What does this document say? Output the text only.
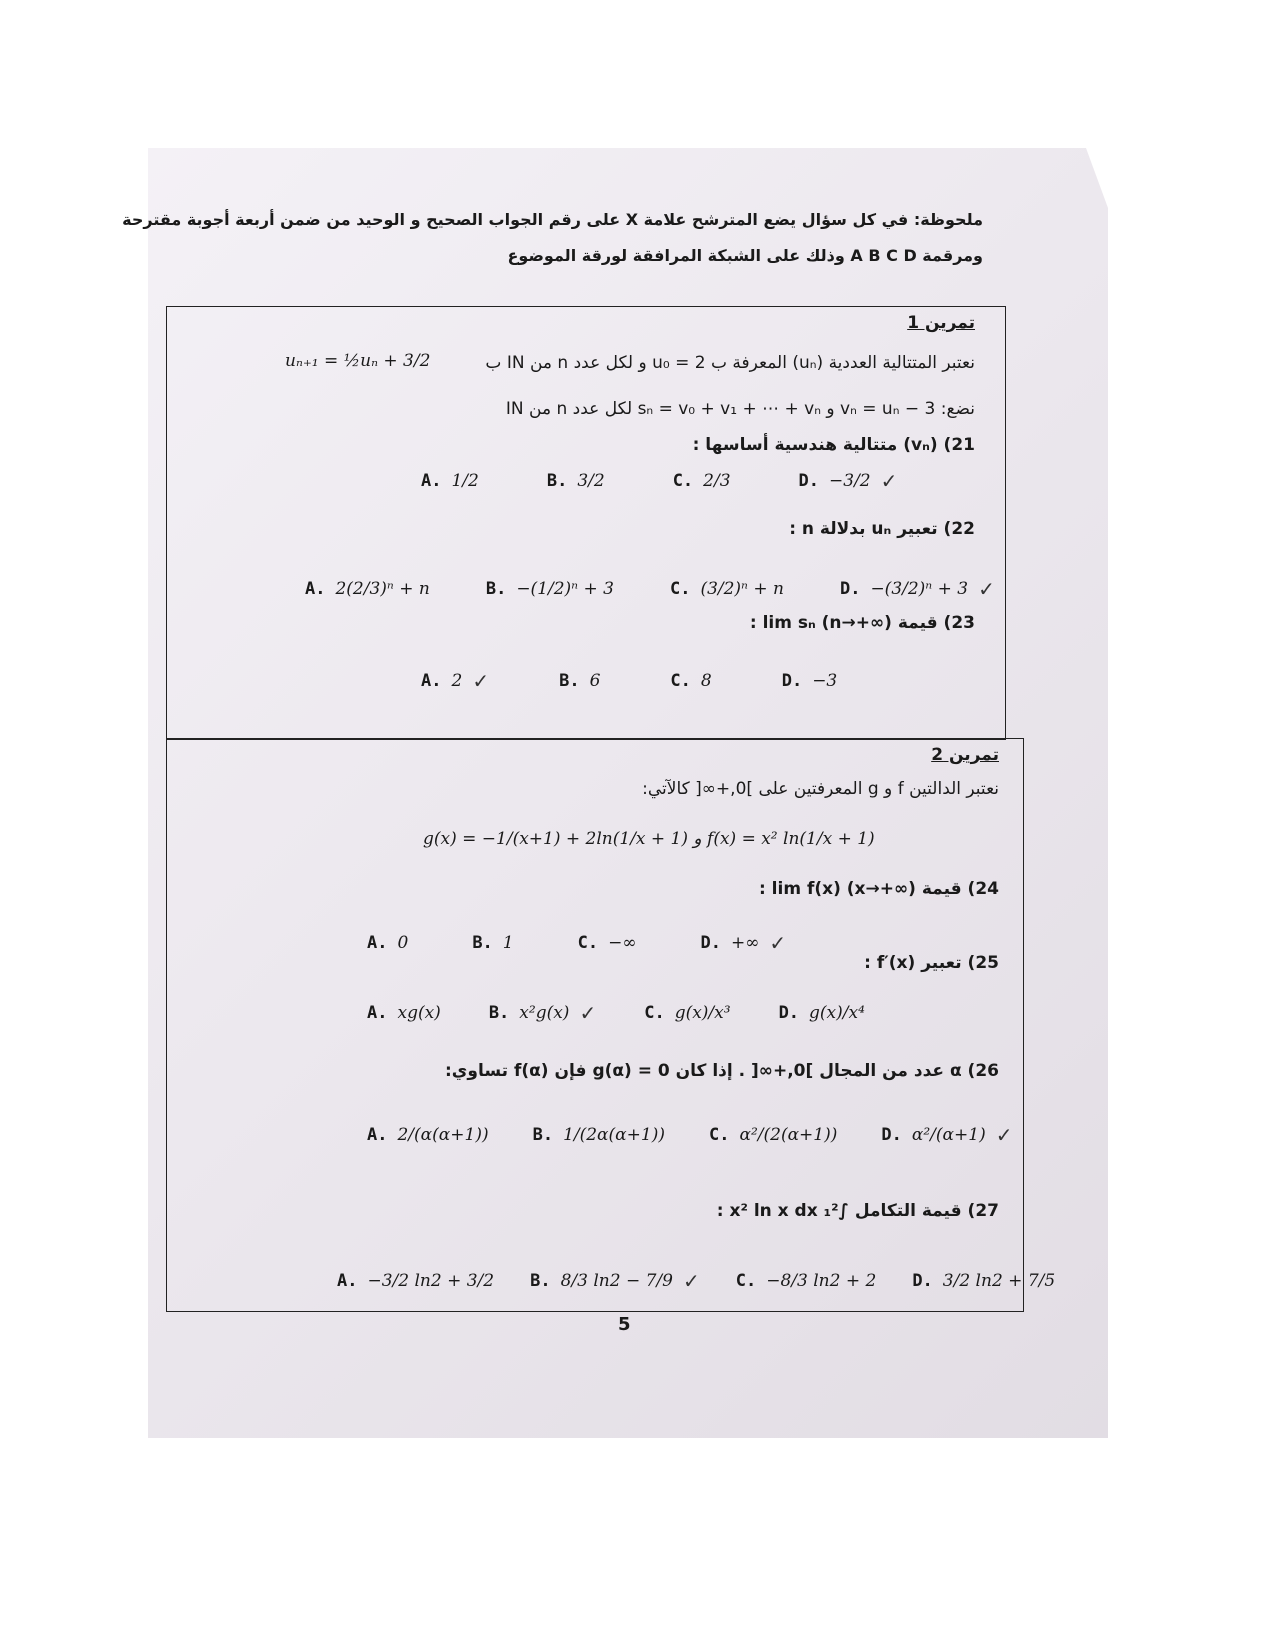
ملحوظة: في كل سؤال يضع المترشح علامة X على رقم الجواب الصحيح و الوحيد من ضمن أربعة أجوبة مقترحة
ومرقمة A B C D وذلك على الشبكة المرافقة لورقة الموضوع
تمرين 1
نعتبر المتتالية العددية (uₙ) المعرفة ب u₀ = 2 و لكل عدد n من IN ب
uₙ₊₁ = ½uₙ + 3/2
نضع: vₙ = uₙ − 3 و sₙ = v₀ + v₁ + ⋯ + vₙ لكل عدد n من IN
21) (vₙ) متتالية هندسية أساسها :
A. 1/2	B. 3/2	C. 2/3	D. −3/2 ✓
22) تعبير uₙ بدلالة n :
A. 2(2/3)ⁿ + n	B. −(1/2)ⁿ + 3	C. (3/2)ⁿ + n	D. −(3/2)ⁿ + 3 ✓
23) قيمة lim sₙ (n→+∞) :
A. 2 ✓	B. 6	C. 8	D. −3
تمرين 2
نعتبر الدالتين f و g المعرفتين على ]0,+∞[ كالآتي:
g(x) = −1/(x+1) + 2ln(1/x + 1) و f(x) = x² ln(1/x + 1)
24) قيمة lim f(x) (x→+∞) :
A. 0	B. 1	C. −∞	D. +∞ ✓
25) تعبير f′(x) :
A. xg(x)	B. x²g(x) ✓	C. g(x)/x³	D. g(x)/x⁴
26) α عدد من المجال ]0,+∞[ . إذا كان g(α) = 0 فإن f(α) تساوي:
A. 2/(α(α+1))	B. 1/(2α(α+1))	C. α²/(2(α+1))	D. α²/(α+1) ✓
27) قيمة التكامل ∫₁² x² ln x dx :
A. −3/2 ln2 + 3/2 B. 8/3 ln2 − 7/9 ✓ C. −8/3 ln2 + 2 D. 3/2 ln2 + 7/5
5
